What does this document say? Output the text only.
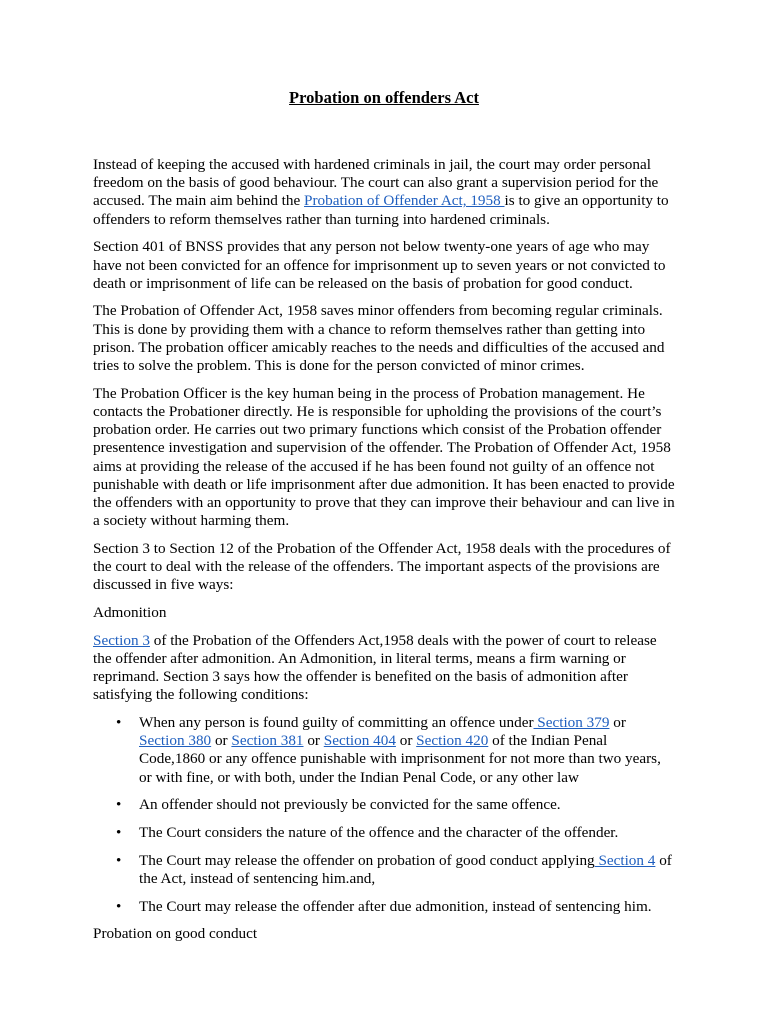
Probation on offenders Act

Instead of keeping the accused with hardened criminals in jail, the court may order personal freedom on the basis of good behaviour. The court can also grant a supervision period for the accused. The main aim behind the Probation of Offender Act, 1958 is to give an opportunity to offenders to reform themselves rather than turning into hardened criminals.

Section 401 of BNSS provides that any person not below twenty-one years of age who may have not been convicted for an offence for imprisonment up to seven years or not convicted to death or imprisonment of life can be released on the basis of probation for good conduct.

The Probation of Offender Act, 1958 saves minor offenders from becoming regular criminals. This is done by providing them with a chance to reform themselves rather than getting into prison. The probation officer amicably reaches to the needs and difficulties of the accused and tries to solve the problem. This is done for the person convicted of minor crimes.

The Probation Officer is the key human being in the process of Probation management. He contacts the Probationer directly. He is responsible for upholding the provisions of the court’s probation order. He carries out two primary functions which consist of the Probation offender presentence investigation and supervision of the offender. The Probation of Offender Act, 1958 aims at providing the release of the accused if he has been found not guilty of an offence not punishable with death or life imprisonment after due admonition. It has been enacted to provide the offenders with an opportunity to prove that they can improve their behaviour and can live in a society without harming them.

Section 3 to Section 12 of the Probation of the Offender Act, 1958 deals with the procedures of the court to deal with the release of the offenders. The important aspects of the provisions are discussed in five ways:

Admonition

Section 3 of the Probation of the Offenders Act,1958 deals with the power of court to release the offender after admonition. An Admonition, in literal terms, means a firm warning or reprimand. Section 3 says how the offender is benefited on the basis of admonition after satisfying the following conditions:

• When any person is found guilty of committing an offence under Section 379 or Section 380 or Section 381 or Section 404 or Section 420 of the Indian Penal Code,1860 or any offence punishable with imprisonment for not more than two years, or with fine, or with both, under the Indian Penal Code, or any other law
• An offender should not previously be convicted for the same offence.
• The Court considers the nature of the offence and the character of the offender.
• The Court may release the offender on probation of good conduct applying Section 4 of the Act, instead of sentencing him.and,
• The Court may release the offender after due admonition, instead of sentencing him.

Probation on good conduct
